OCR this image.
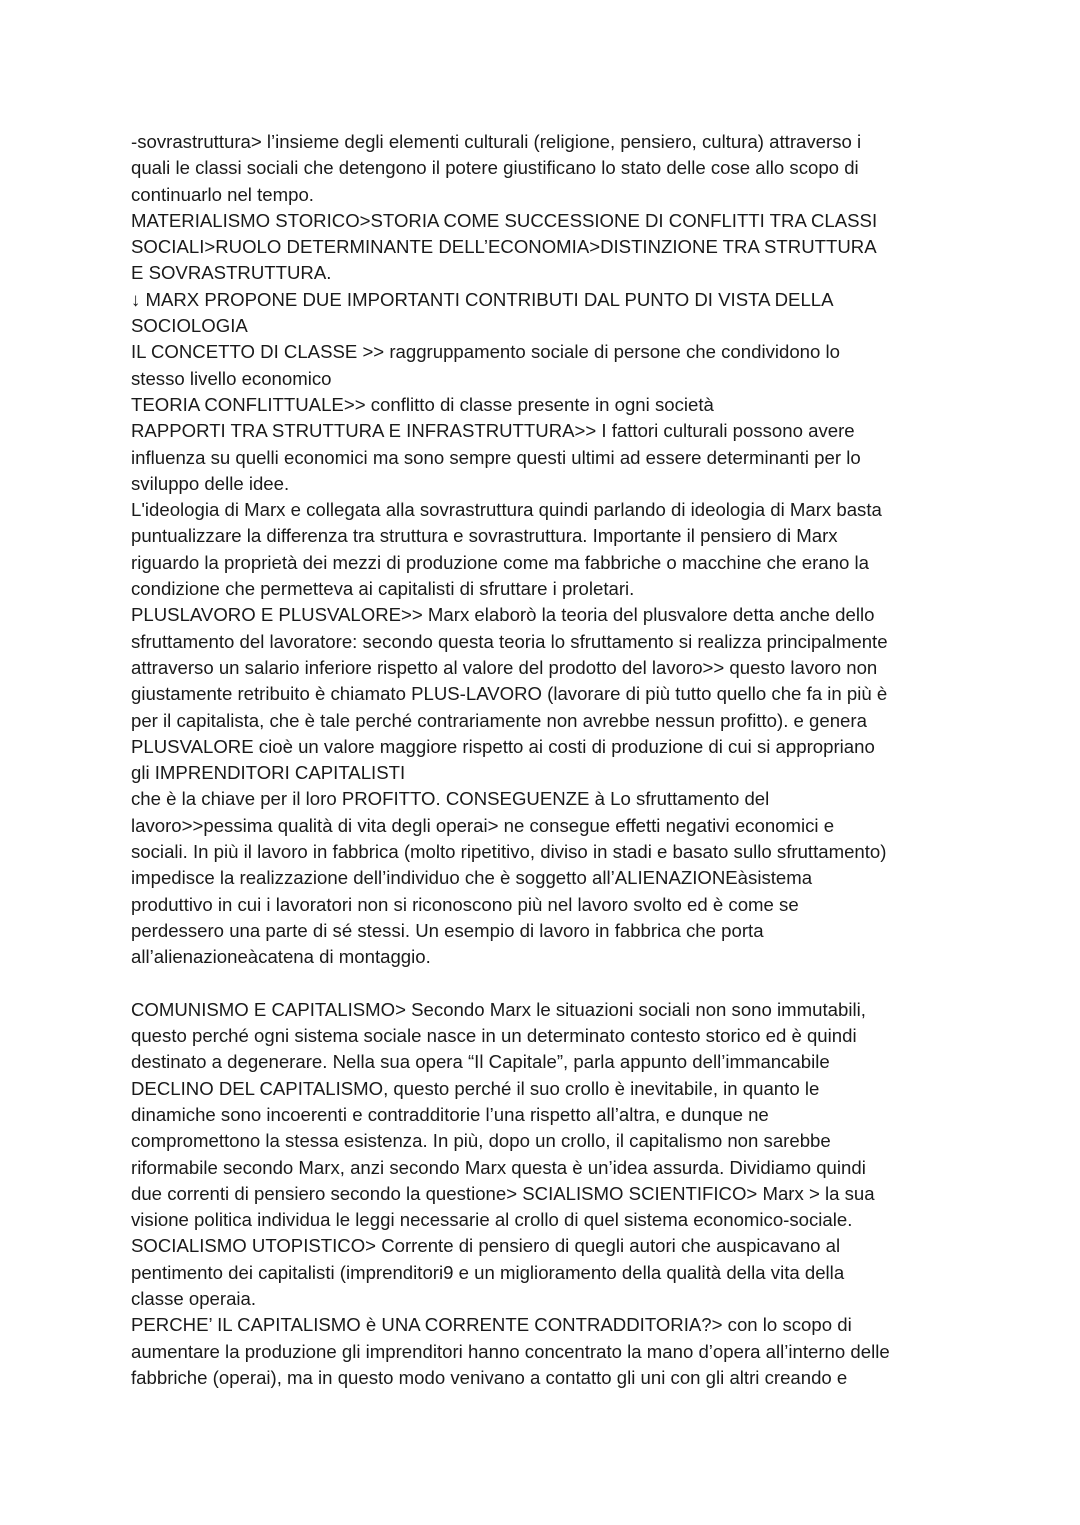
-sovrastruttura> l’insieme degli elementi culturali (religione, pensiero, cultura) attraverso i
quali le classi sociali che detengono il potere giustificano lo stato delle cose allo scopo di
continuarlo nel tempo.
MATERIALISMO STORICO>STORIA COME SUCCESSIONE DI CONFLITTI TRA CLASSI
SOCIALI>RUOLO DETERMINANTE DELL’ECONOMIA>DISTINZIONE TRA STRUTTURA
E SOVRASTRUTTURA.
↓ MARX PROPONE DUE IMPORTANTI CONTRIBUTI DAL PUNTO DI VISTA DELLA
SOCIOLOGIA
IL CONCETTO DI CLASSE >> raggruppamento sociale di persone che condividono lo
stesso livello economico
TEORIA CONFLITTUALE>> conflitto di classe presente in ogni società
RAPPORTI TRA STRUTTURA E INFRASTRUTTURA>> I fattori culturali possono avere
influenza su quelli economici ma sono sempre questi ultimi ad essere determinanti per lo
sviluppo delle idee.
L'ideologia di Marx e collegata alla sovrastruttura quindi parlando di ideologia di Marx basta
puntualizzare la differenza tra struttura e sovrastruttura. Importante il pensiero di Marx
riguardo la proprietà dei mezzi di produzione come ma fabbriche o macchine che erano la
condizione che permetteva ai capitalisti di sfruttare i proletari.
PLUSLAVORO E PLUSVALORE>> Marx elaborò la teoria del plusvalore detta anche dello
sfruttamento del lavoratore: secondo questa teoria lo sfruttamento si realizza principalmente
attraverso un salario inferiore rispetto al valore del prodotto del lavoro>> questo lavoro non
giustamente retribuito è chiamato PLUS-LAVORO (lavorare di più tutto quello che fa in più è
per il capitalista, che è tale perché contrariamente non avrebbe nessun profitto). e genera
PLUSVALORE cioè un valore maggiore rispetto ai costi di produzione di cui si appropriano
gli IMPRENDITORI CAPITALISTI
che è la chiave per il loro PROFITTO. CONSEGUENZE à Lo sfruttamento del
lavoro>>pessima qualità di vita degli operai> ne consegue effetti negativi economici e
sociali. In più il lavoro in fabbrica (molto ripetitivo, diviso in stadi e basato sullo sfruttamento)
impedisce la realizzazione dell’individuo che è soggetto all’ALIENAZIONEàsistema
produttivo in cui i lavoratori non si riconoscono più nel lavoro svolto ed è come se
perdessero una parte di sé stessi. Un esempio di lavoro in fabbrica che porta
all’alienazioneàcatena di montaggio.
COMUNISMO E CAPITALISMO> Secondo Marx le situazioni sociali non sono immutabili,
questo perché ogni sistema sociale nasce in un determinato contesto storico ed è quindi
destinato a degenerare. Nella sua opera “Il Capitale”, parla appunto dell’immancabile
DECLINO DEL CAPITALISMO, questo perché il suo crollo è inevitabile, in quanto le
dinamiche sono incoerenti e contradditorie l’una rispetto all’altra, e dunque ne
compromettono la stessa esistenza. In più, dopo un crollo, il capitalismo non sarebbe
riformabile secondo Marx, anzi secondo Marx questa è un’idea assurda. Dividiamo quindi
due correnti di pensiero secondo la questione> SCIALISMO SCIENTIFICO> Marx > la sua
visione politica individua le leggi necessarie al crollo di quel sistema economico-sociale.
SOCIALISMO UTOPISTICO> Corrente di pensiero di quegli autori che auspicavano al
pentimento dei capitalisti (imprenditori9 e un miglioramento della qualità della vita della
classe operaia.
PERCHE’ IL CAPITALISMO è UNA CORRENTE CONTRADDITORIA?> con lo scopo di
aumentare la produzione gli imprenditori hanno concentrato la mano d’opera all’interno delle
fabbriche (operai), ma in questo modo venivano a contatto gli uni con gli altri creando e
